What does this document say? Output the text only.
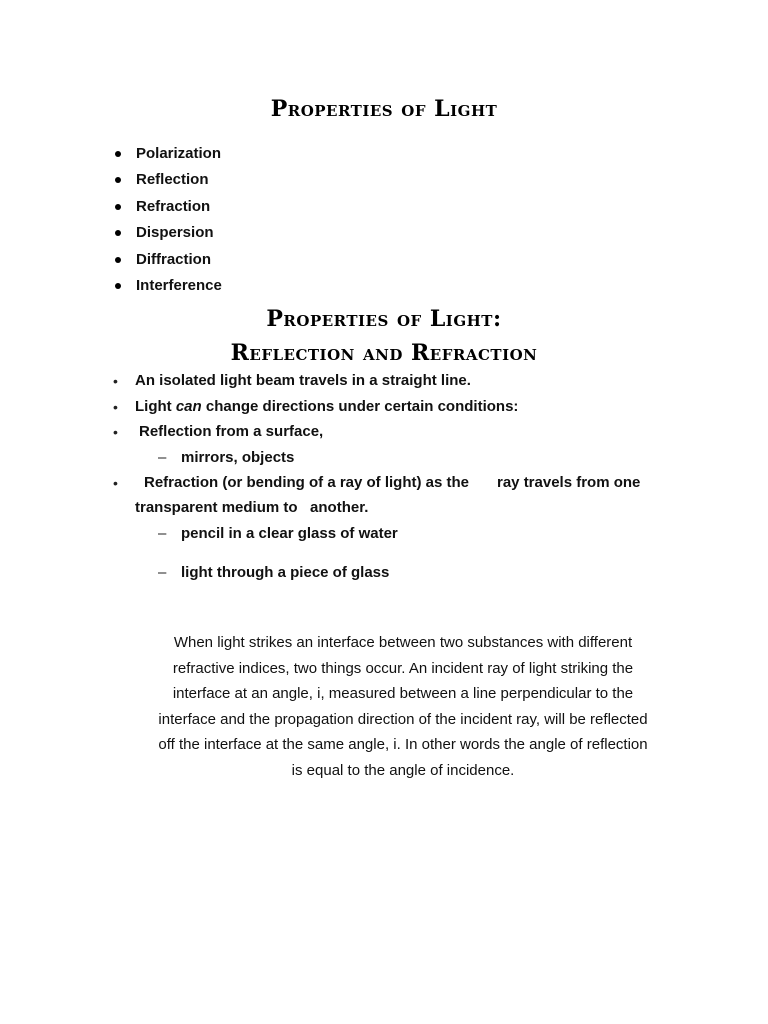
Properties of Light
Polarization
Reflection
Refraction
Dispersion
Diffraction
Interference
Properties of Light:
Reflection and Refraction
• An isolated light beam travels in a straight line.
• Light can change directions under certain conditions:
• Reflection from a surface,
– mirrors, objects
• Refraction (or bending of a ray of light) as the ray travels from one
transparent medium to   another.
– pencil in a clear glass of water
– light through a piece of glass

When light strikes an interface between two substances with different

refractive indices, two things occur. An incident ray of light striking the

interface at an angle, i, measured between a line perpendicular to the

interface and the propagation direction of the incident ray, will be reflected

off the interface at the same angle, i. In other words the angle of reflection

is equal to the angle of incidence.
